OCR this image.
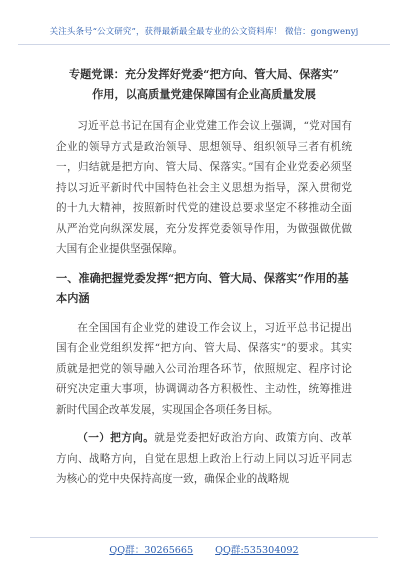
关注头条号“公文研究”，获得最新最全最专业的公文资料库！ 微信：gongwenyj
专题党课：充分发挥好党委“把方向、管大局、保落实”
作用，以高质量党建保障国有企业高质量发展

习近平总书记在国有企业党建工作会议上强调，“党对国有企业的领导方式是政治领导、思想领导、组织领导三者有机统一，归结就是把方向、管大局、保落实。”国有企业党委必须坚持以习近平新时代中国特色社会主义思想为指导，深入贯彻党的十九大精神，按照新时代党的建设总要求坚定不移推动全面从严治党向纵深发展，充分发挥党委领导作用，为做强做优做大国有企业提供坚强保障。

一、准确把握党委发挥“把方向、管大局、保落实”作用的基本内涵

在全国国有企业党的建设工作会议上，习近平总书记提出国有企业党组织发挥“把方向、管大局、保落实”的要求。其实质就是把党的领导融入公司治理各环节，依照规定、程序讨论研究决定重大事项，协调调动各方积极性、主动性，统筹推进新时代国企改革发展，实现国企各项任务目标。

（一）把方向。就是党委把好政治方向、政策方向、改革方向、战略方向，自觉在思想上政治上行动上同以习近平同志为核心的党中央保持高度一致，确保企业的战略规

QQ群：30265665 QQ群:535304092
